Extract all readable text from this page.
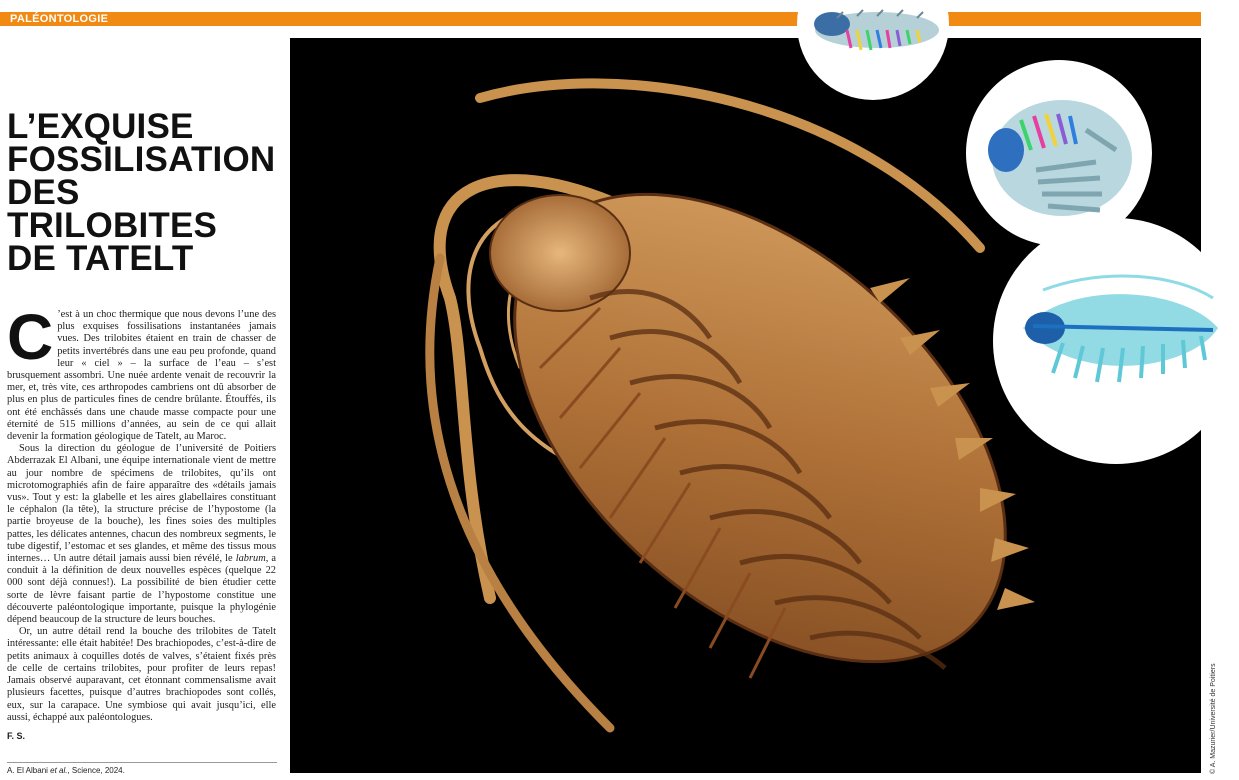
PALÉONTOLOGIE
L’EXQUISE
FOSSILISATION
DES TRILOBITES
DE TATELT

C ’est à un choc thermique que nous devons l’une des plus exquises fossilisations instantanées jamais vues. Des trilobites étaient en train de chasser de petits invertébrés dans une eau peu profonde, quand leur « ciel » – la surface de l’eau – s’est brusquement assombri. Une nuée ardente venait de recouvrir la mer, et, très vite, ces arthropodes cambriens ont dû absorber de plus en plus de particules fines de cendre brûlante. Étouffés, ils ont été enchâssés dans une chaude masse compacte pour une éternité de 515 millions d’années, au sein de ce qui allait devenir la formation géologique de Tatelt, au Maroc.

Sous la direction du géologue de l’université de Poitiers Abderrazak El Albani, une équipe internationale vient de mettre au jour nombre de spécimens de trilobites, qu’ils ont microtomographiés afin de faire apparaître des «détails jamais vus». Tout y est: la glabelle et les aires glabellaires constituant le céphalon (la tête), la structure précise de l’hypostome (la partie broyeuse de la bouche), les fines soies des multiples pattes, les délicates antennes, chacun des nombreux segments, le tube digestif, l’estomac et ses glandes, et même des tissus mous internes… Un autre détail jamais aussi bien révélé, le labrum, a conduit à la définition de deux nouvelles espèces (quelque 22 000 sont déjà connues!). La possibilité de bien étudier cette sorte de lèvre faisant partie de l’hypostome constitue une découverte paléontologique importante, puisque la phylogénie dépend beaucoup de la structure de leurs bouches.

Or, un autre détail rend la bouche des trilobites de Tatelt intéressante: elle était habitée! Des brachiopodes, c’est-à-dire de petits animaux à coquilles dotés de valves, s’étaient fixés près de celle de certains trilobites, pour profiter de leurs repas! Jamais observé auparavant, cet étonnant commensalisme avait plusieurs facettes, puisque d’autres brachiopodes sont collés, eux, sur la carapace. Une symbiose qui avait jusqu’ici, elle aussi, échappé aux paléontologues.

F. S.
A. El Albani et al., Science, 2024.	© A. Mazurier/Université de Poitiers
